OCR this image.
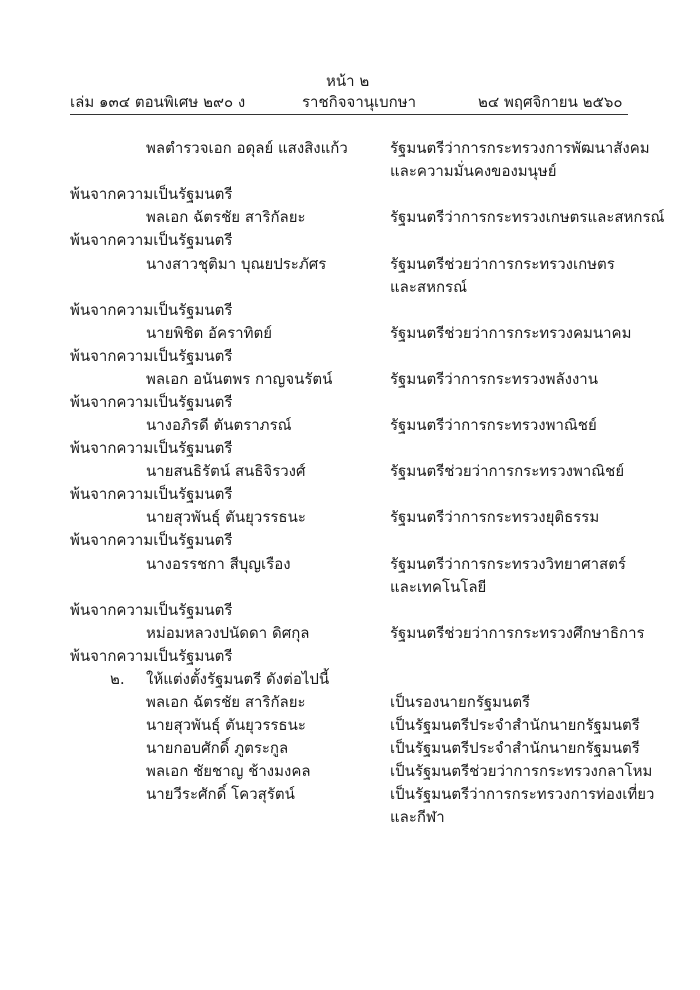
หน้า ๒
เล่ม ๑๓๔ ตอนพิเศษ ๒๙๐ ง	ราชกิจจานุเบกษา	๒๔ พฤศจิกายน ๒๕๖๐
พลตำรวจเอก อดุลย์ แสงสิงแก้ว	รัฐมนตรีว่าการกระทรวงการพัฒนาสังคม
และความมั่นคงของมนุษย์
พ้นจากความเป็นรัฐมนตรี
พลเอก ฉัตรชัย สาริกัลยะ	รัฐมนตรีว่าการกระทรวงเกษตรและสหกรณ์
พ้นจากความเป็นรัฐมนตรี
นางสาวชุติมา บุณยประภัศร	รัฐมนตรีช่วยว่าการกระทรวงเกษตร
และสหกรณ์
พ้นจากความเป็นรัฐมนตรี
นายพิชิต อัคราทิตย์	รัฐมนตรีช่วยว่าการกระทรวงคมนาคม
พ้นจากความเป็นรัฐมนตรี
พลเอก อนันตพร กาญจนรัตน์	รัฐมนตรีว่าการกระทรวงพลังงาน
พ้นจากความเป็นรัฐมนตรี
นางอภิรดี ตันตราภรณ์	รัฐมนตรีว่าการกระทรวงพาณิชย์
พ้นจากความเป็นรัฐมนตรี
นายสนธิรัตน์ สนธิจิรวงศ์	รัฐมนตรีช่วยว่าการกระทรวงพาณิชย์
พ้นจากความเป็นรัฐมนตรี
นายสุวพันธุ์ ตันยุวรรธนะ	รัฐมนตรีว่าการกระทรวงยุติธรรม
พ้นจากความเป็นรัฐมนตรี
นางอรรชกา สีบุญเรือง	รัฐมนตรีว่าการกระทรวงวิทยาศาสตร์
และเทคโนโลยี
พ้นจากความเป็นรัฐมนตรี
หม่อมหลวงปนัดดา ดิศกุล	รัฐมนตรีช่วยว่าการกระทรวงศึกษาธิการ
พ้นจากความเป็นรัฐมนตรี
๒. ให้แต่งตั้งรัฐมนตรี ดังต่อไปนี้
พลเอก ฉัตรชัย สาริกัลยะ	เป็นรองนายกรัฐมนตรี
นายสุวพันธุ์ ตันยุวรรธนะ	เป็นรัฐมนตรีประจำสำนักนายกรัฐมนตรี
นายกอบศักดิ์ ภูตระกูล	เป็นรัฐมนตรีประจำสำนักนายกรัฐมนตรี
พลเอก ชัยชาญ ช้างมงคล	เป็นรัฐมนตรีช่วยว่าการกระทรวงกลาโหม
นายวีระศักดิ์ โควสุรัตน์	เป็นรัฐมนตรีว่าการกระทรวงการท่องเที่ยว
และกีฬา
